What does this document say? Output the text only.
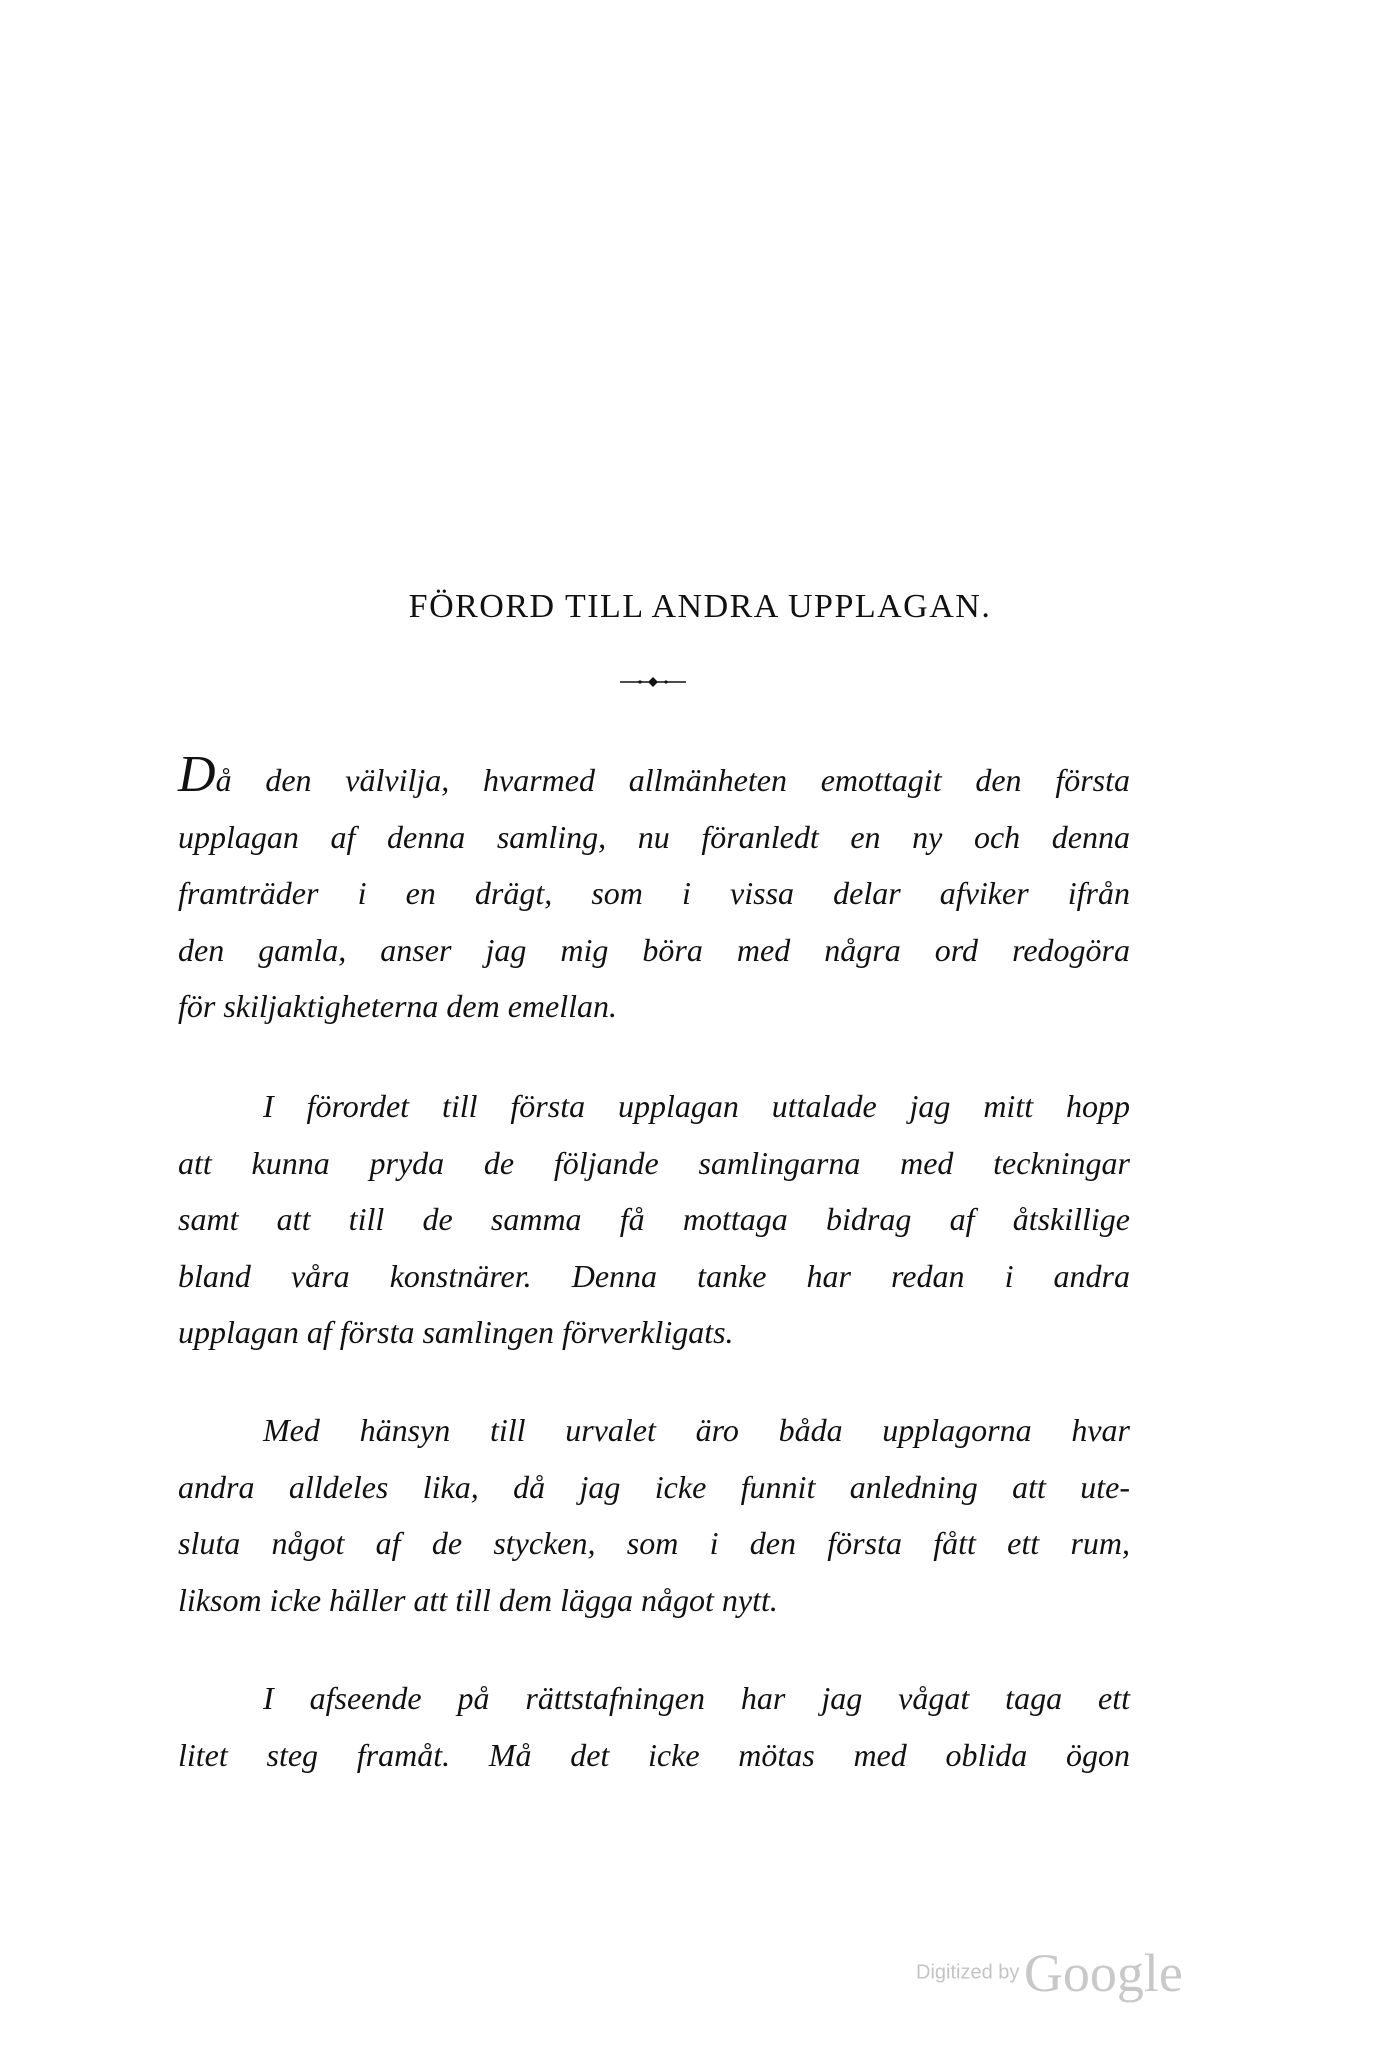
FÖRORD TILL ANDRA UPPLAGAN.
Då den välvilja, hvarmed allmänheten emottagit den första
upplagan af denna samling, nu föranledt en ny och denna
framträder i en drägt, som i vissa delar afviker ifrån
den gamla, anser jag mig böra med några ord redogöra
för skiljaktigheterna dem emellan.
I förordet till första upplagan uttalade jag mitt hopp
att kunna pryda de följande samlingarna med teckningar
samt att till de samma få mottaga bidrag af åtskillige
bland våra konstnärer. Denna tanke har redan i andra
upplagan af första samlingen förverkligats.
Med hänsyn till urvalet äro båda upplagorna hvar
andra alldeles lika, då jag icke funnit anledning att ute-
sluta något af de stycken, som i den första fått ett rum,
liksom icke häller att till dem lägga något nytt.
I afseende på rättstafningen har jag vågat taga ett
litet steg framåt. Må det icke mötas med oblida ögon
Digitized by Google
